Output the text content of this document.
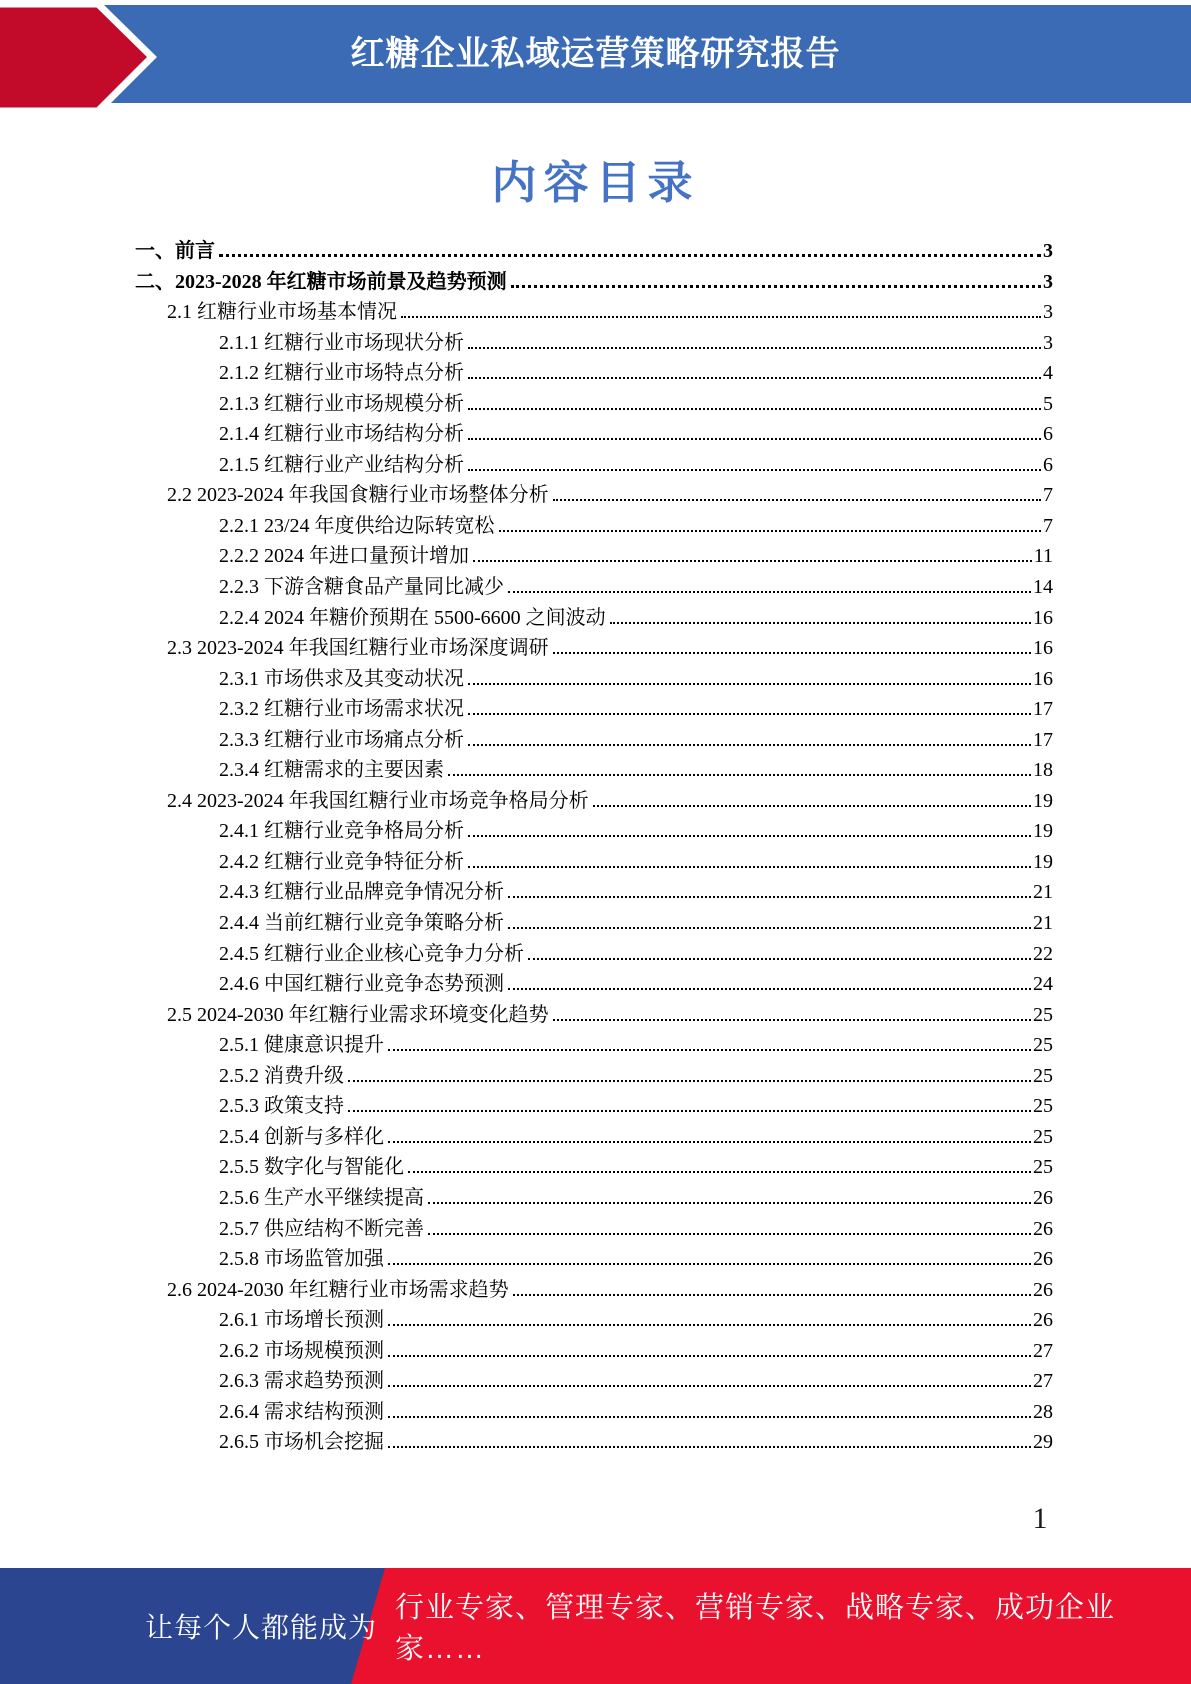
红糖企业私域运营策略研究报告
内容目录
一、前言	3
二、2023-2028 年红糖市场前景及趋势预测	3
2.1 红糖行业市场基本情况	3
2.1.1 红糖行业市场现状分析	3
2.1.2 红糖行业市场特点分析	4
2.1.3 红糖行业市场规模分析	5
2.1.4 红糖行业市场结构分析	6
2.1.5 红糖行业产业结构分析	6
2.2 2023-2024 年我国食糖行业市场整体分析	7
2.2.1 23/24 年度供给边际转宽松	7
2.2.2 2024 年进口量预计增加	11
2.2.3 下游含糖食品产量同比减少	14
2.2.4 2024 年糖价预期在 5500-6600 之间波动	16
2.3 2023-2024 年我国红糖行业市场深度调研	16
2.3.1 市场供求及其变动状况	16
2.3.2 红糖行业市场需求状况	17
2.3.3 红糖行业市场痛点分析	17
2.3.4 红糖需求的主要因素	18
2.4 2023-2024 年我国红糖行业市场竞争格局分析	19
2.4.1 红糖行业竞争格局分析	19
2.4.2 红糖行业竞争特征分析	19
2.4.3 红糖行业品牌竞争情况分析	21
2.4.4 当前红糖行业竞争策略分析	21
2.4.5 红糖行业企业核心竞争力分析	22
2.4.6 中国红糖行业竞争态势预测	24
2.5 2024-2030 年红糖行业需求环境变化趋势	25
2.5.1 健康意识提升	25
2.5.2 消费升级	25
2.5.3 政策支持	25
2.5.4 创新与多样化	25
2.5.5 数字化与智能化	25
2.5.6 生产水平继续提高	26
2.5.7 供应结构不断完善	26
2.5.8 市场监管加强	26
2.6 2024-2030 年红糖行业市场需求趋势	26
2.6.1 市场增长预测	26
2.6.2 市场规模预测	27
2.6.3 需求趋势预测	27
2.6.4 需求结构预测	28
2.6.5 市场机会挖掘	29
1
让每个人都能成为
行业专家、管理专家、营销专家、战略专家、成功企业家……
